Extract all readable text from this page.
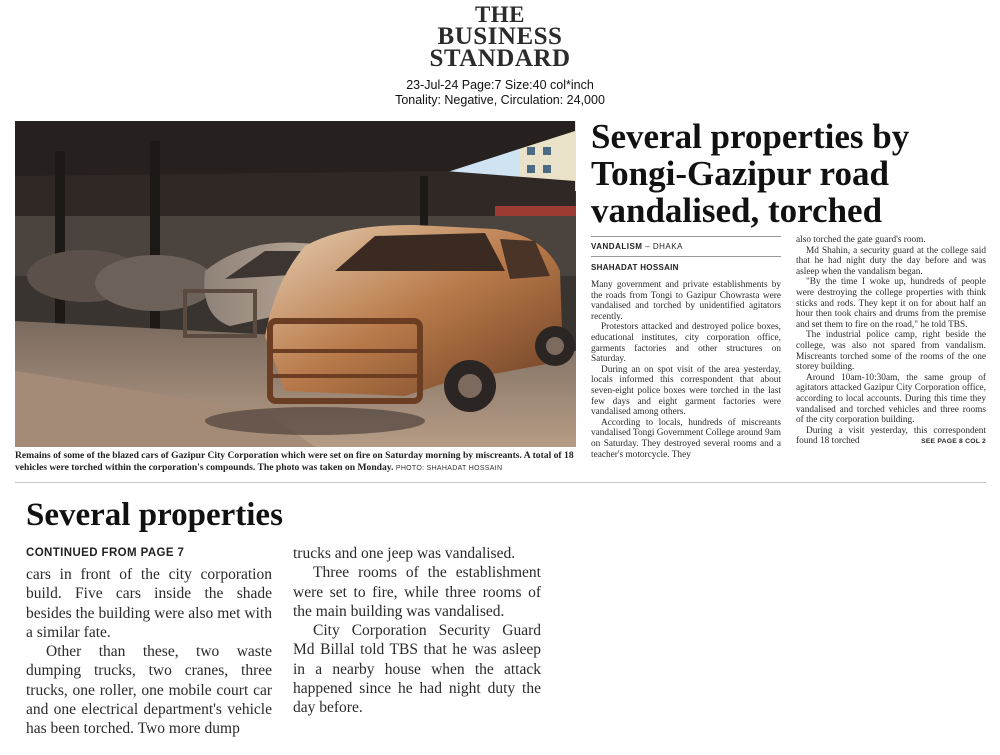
THE
BUSINESS
STANDARD
23-Jul-24 Page:7 Size:40 col*inch
Tonality: Negative, Circulation: 24,000
Remains of some of the blazed cars of Gazipur City Corporation which were set on fire on Saturday morning by miscreants. A total of 18 vehicles were torched within the corporation's compounds. The photo was taken on Monday. PHOTO: SHAHADAT HOSSAIN
Several properties by Tongi-Gazipur road vandalised, torched
VANDALISM – DHAKA
SHAHADAT HOSSAIN

Many government and private establishments by the roads from Tongi to Gazipur Chowrasta were vandalised and torched by unidentified agitators recently.

Protestors attacked and destroyed police boxes, educational institutes, city corporation office, garments factories and other structures on Saturday.

During an on spot visit of the area yesterday, locals informed this correspondent that about seven-eight police boxes were torched in the last few days and eight garment factories were vandalised among others.

According to locals, hundreds of miscreants vandalised Tongi Government College around 9am on Saturday. They destroyed several rooms and a teacher's motorcycle. They

also torched the gate guard's room.

Md Shahin, a security guard at the college said that he had night duty the day before and was asleep when the vandalism began.

"By the time I woke up, hundreds of people were destroying the college properties with think sticks and rods. They kept it on for about half an hour then took chairs and drums from the premise and set them to fire on the road," he told TBS.

The industrial police camp, right beside the college, was also not spared from vandalism. Miscreants torched some of the rooms of the one storey building.

Around 10am-10:30am, the same group of agitators attacked Gazipur City Corporation office, according to local accounts. During this time they vandalised and torched vehicles and three rooms of the city corporation building.

During a visit yesterday, this correspondent found 18 torched	SEE PAGE 8 COL 2

Several properties
CONTINUED FROM PAGE 7

cars in front of the city corporation build. Five cars inside the shade besides the building were also met with a similar fate.

Other than these, two waste dumping trucks, two cranes, three trucks, one roller, one mobile court car and one electrical department's vehicle has been torched. Two more dump

trucks and one jeep was vandalised.

Three rooms of the establishment were set to fire, while three rooms of the main building was vandalised.

City Corporation Security Guard Md Billal told TBS that he was asleep in a nearby house when the attack happened since he had night duty the day before.
